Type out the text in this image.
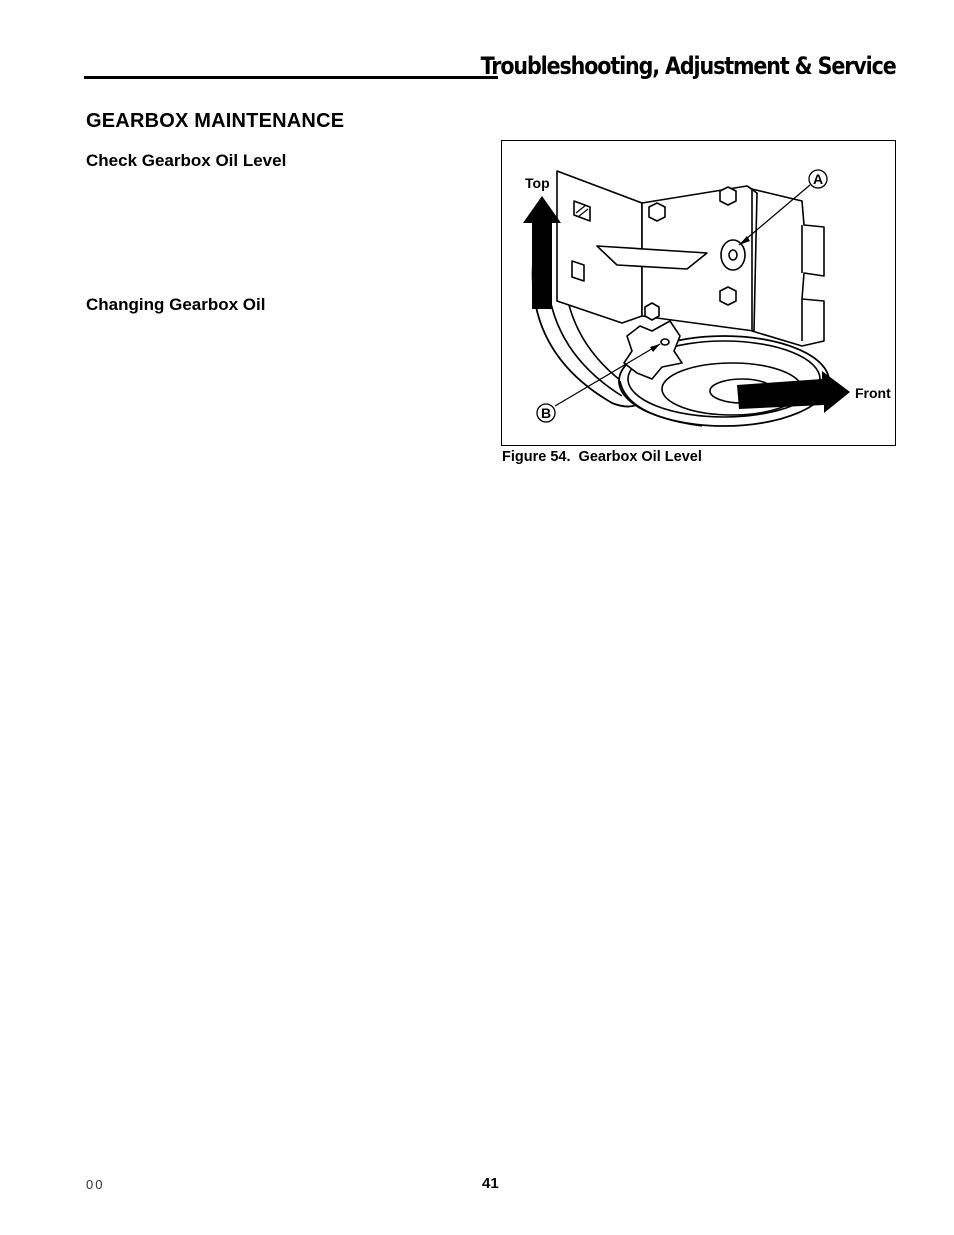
Troubleshooting, Adjustment & Service
GEARBOX MAINTENANCE
Check Gearbox Oil Level
Changing Gearbox Oil
A
B
Top
Front
Figure 54.  Gearbox Oil Level
00	41
